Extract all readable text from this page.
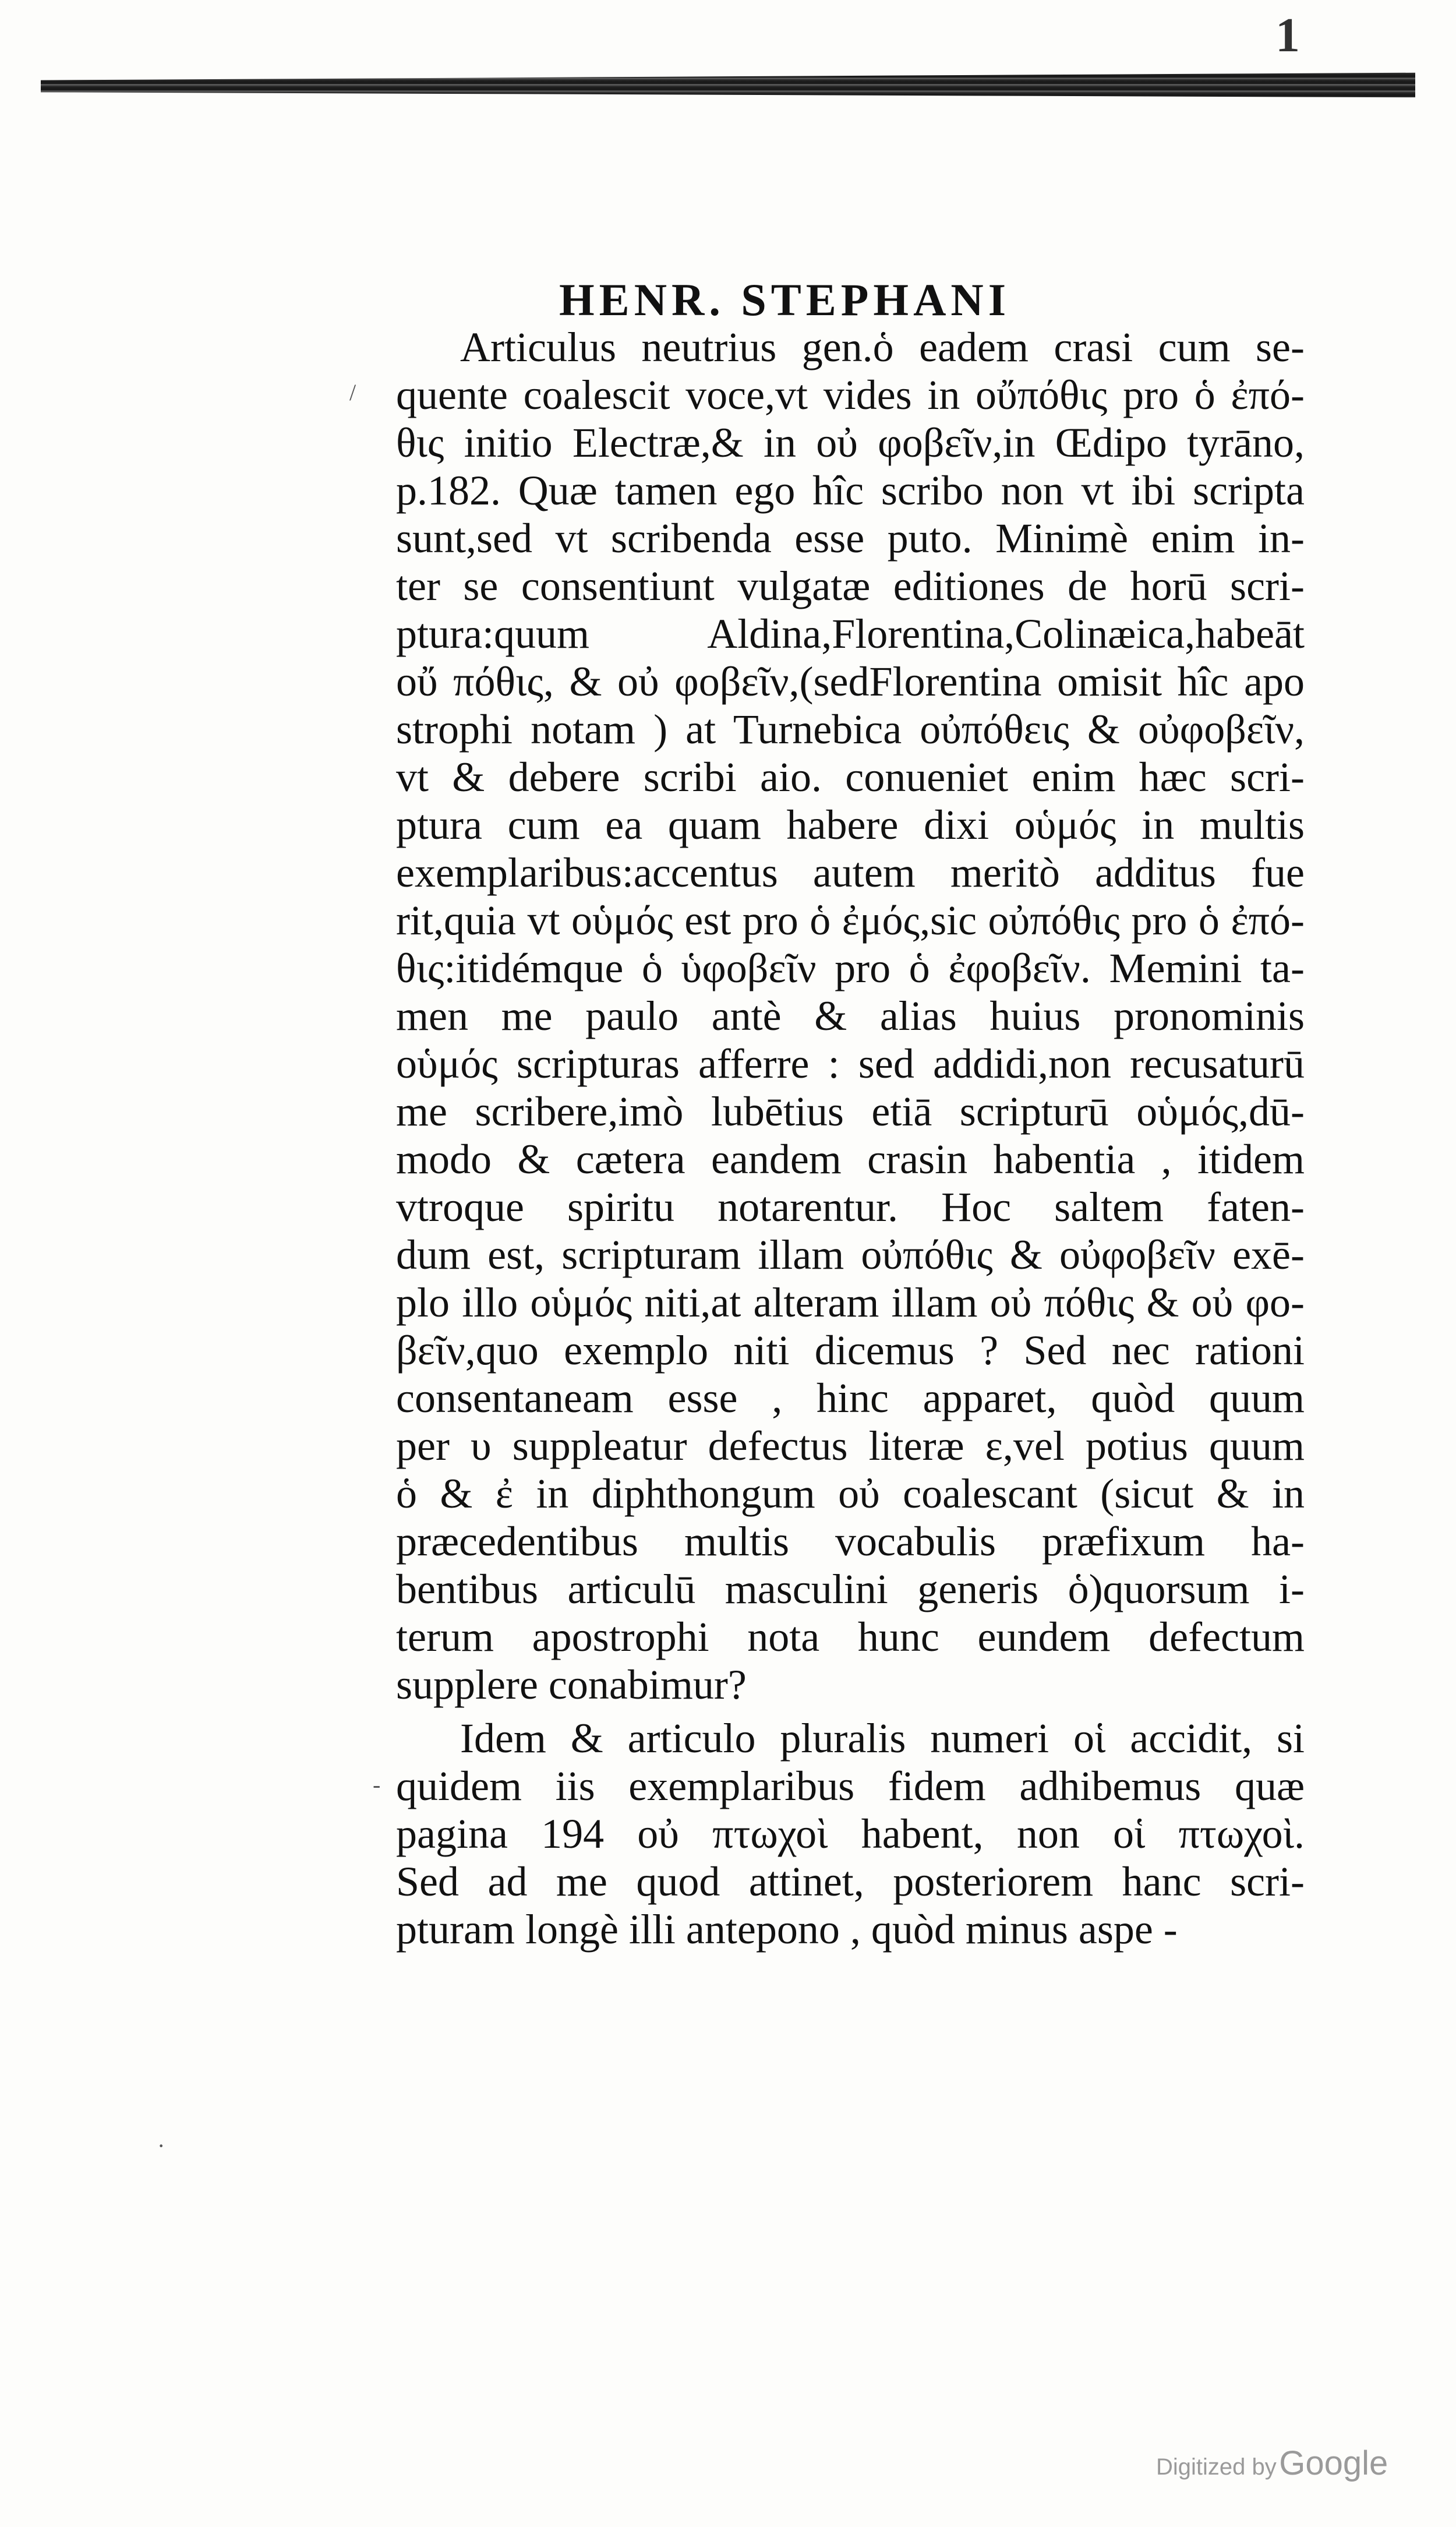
1
HENR. STEPHANI
Articulus neutrius gen.ὁ eadem crasi cum se-
quente coalescit voce,vt vides in οὔπόθις pro ὁ ἐπό-
θις initio Electræ,& in οὐ φοβεῖν,in Œdipo tyrāno,
p.182. Quæ tamen ego hîc scribo non vt ibi scripta
sunt,sed vt scribenda esse puto. Minimè enim in-
ter se consentiunt vulgatæ editiones de horū scri-
ptura:quum Aldina,Florentina,Colinæica,habeāt
οὔ πόθις, & οὐ φοβεῖν,(sedFlorentina omisit hîc apo
strophi notam ) at Turnebica οὐπόθεις & οὐφοβεῖν,
vt & debere scribi aio. conueniet enim hæc scri-
ptura cum ea quam habere dixi οὑμός in multis
exemplaribus:accentus autem meritò additus fue
rit,quia vt οὑμός est pro ὁ ἐμός,sic οὐπόθις pro ὁ ἐπό-
θις:itidémque ὁ ὑφοβεῖν pro ὁ ἐφοβεῖν. Memini ta-
men me paulo antè & alias huius pronominis
οὑμός scripturas afferre : sed addidi,non recusaturū
me scribere,imò lubētius etiā scripturū οὑμός,dū-
modo & cætera eandem crasin habentia , itidem
vtroque spiritu notarentur. Hoc saltem faten-
dum est, scripturam illam οὐπόθις & οὐφοβεῖν exē-
plo illo οὑμός niti,at alteram illam οὐ πόθις & οὐ φο-
βεῖν,quo exemplo niti dicemus ? Sed nec rationi
consentaneam esse , hinc apparet, quòd quum
per υ suppleatur defectus literæ ε,vel potius quum
ὁ & ἐ in diphthongum οὐ coalescant (sicut & in
præcedentibus multis vocabulis præfixum ha-
bentibus articulū masculini generis ὁ)quorsum i-
terum apostrophi nota hunc eundem defectum
supplere conabimur?
Idem & articulo pluralis numeri οἱ accidit, si
quidem iis exemplaribus fidem adhibemus quæ
pagina 194 οὐ πτωχοὶ habent, non οἱ πτωχοὶ.
Sed ad me quod attinet, posteriorem hanc scri-
pturam longè illi antepono , quòd minus aspe -
/
-
·
Digitized by Google
